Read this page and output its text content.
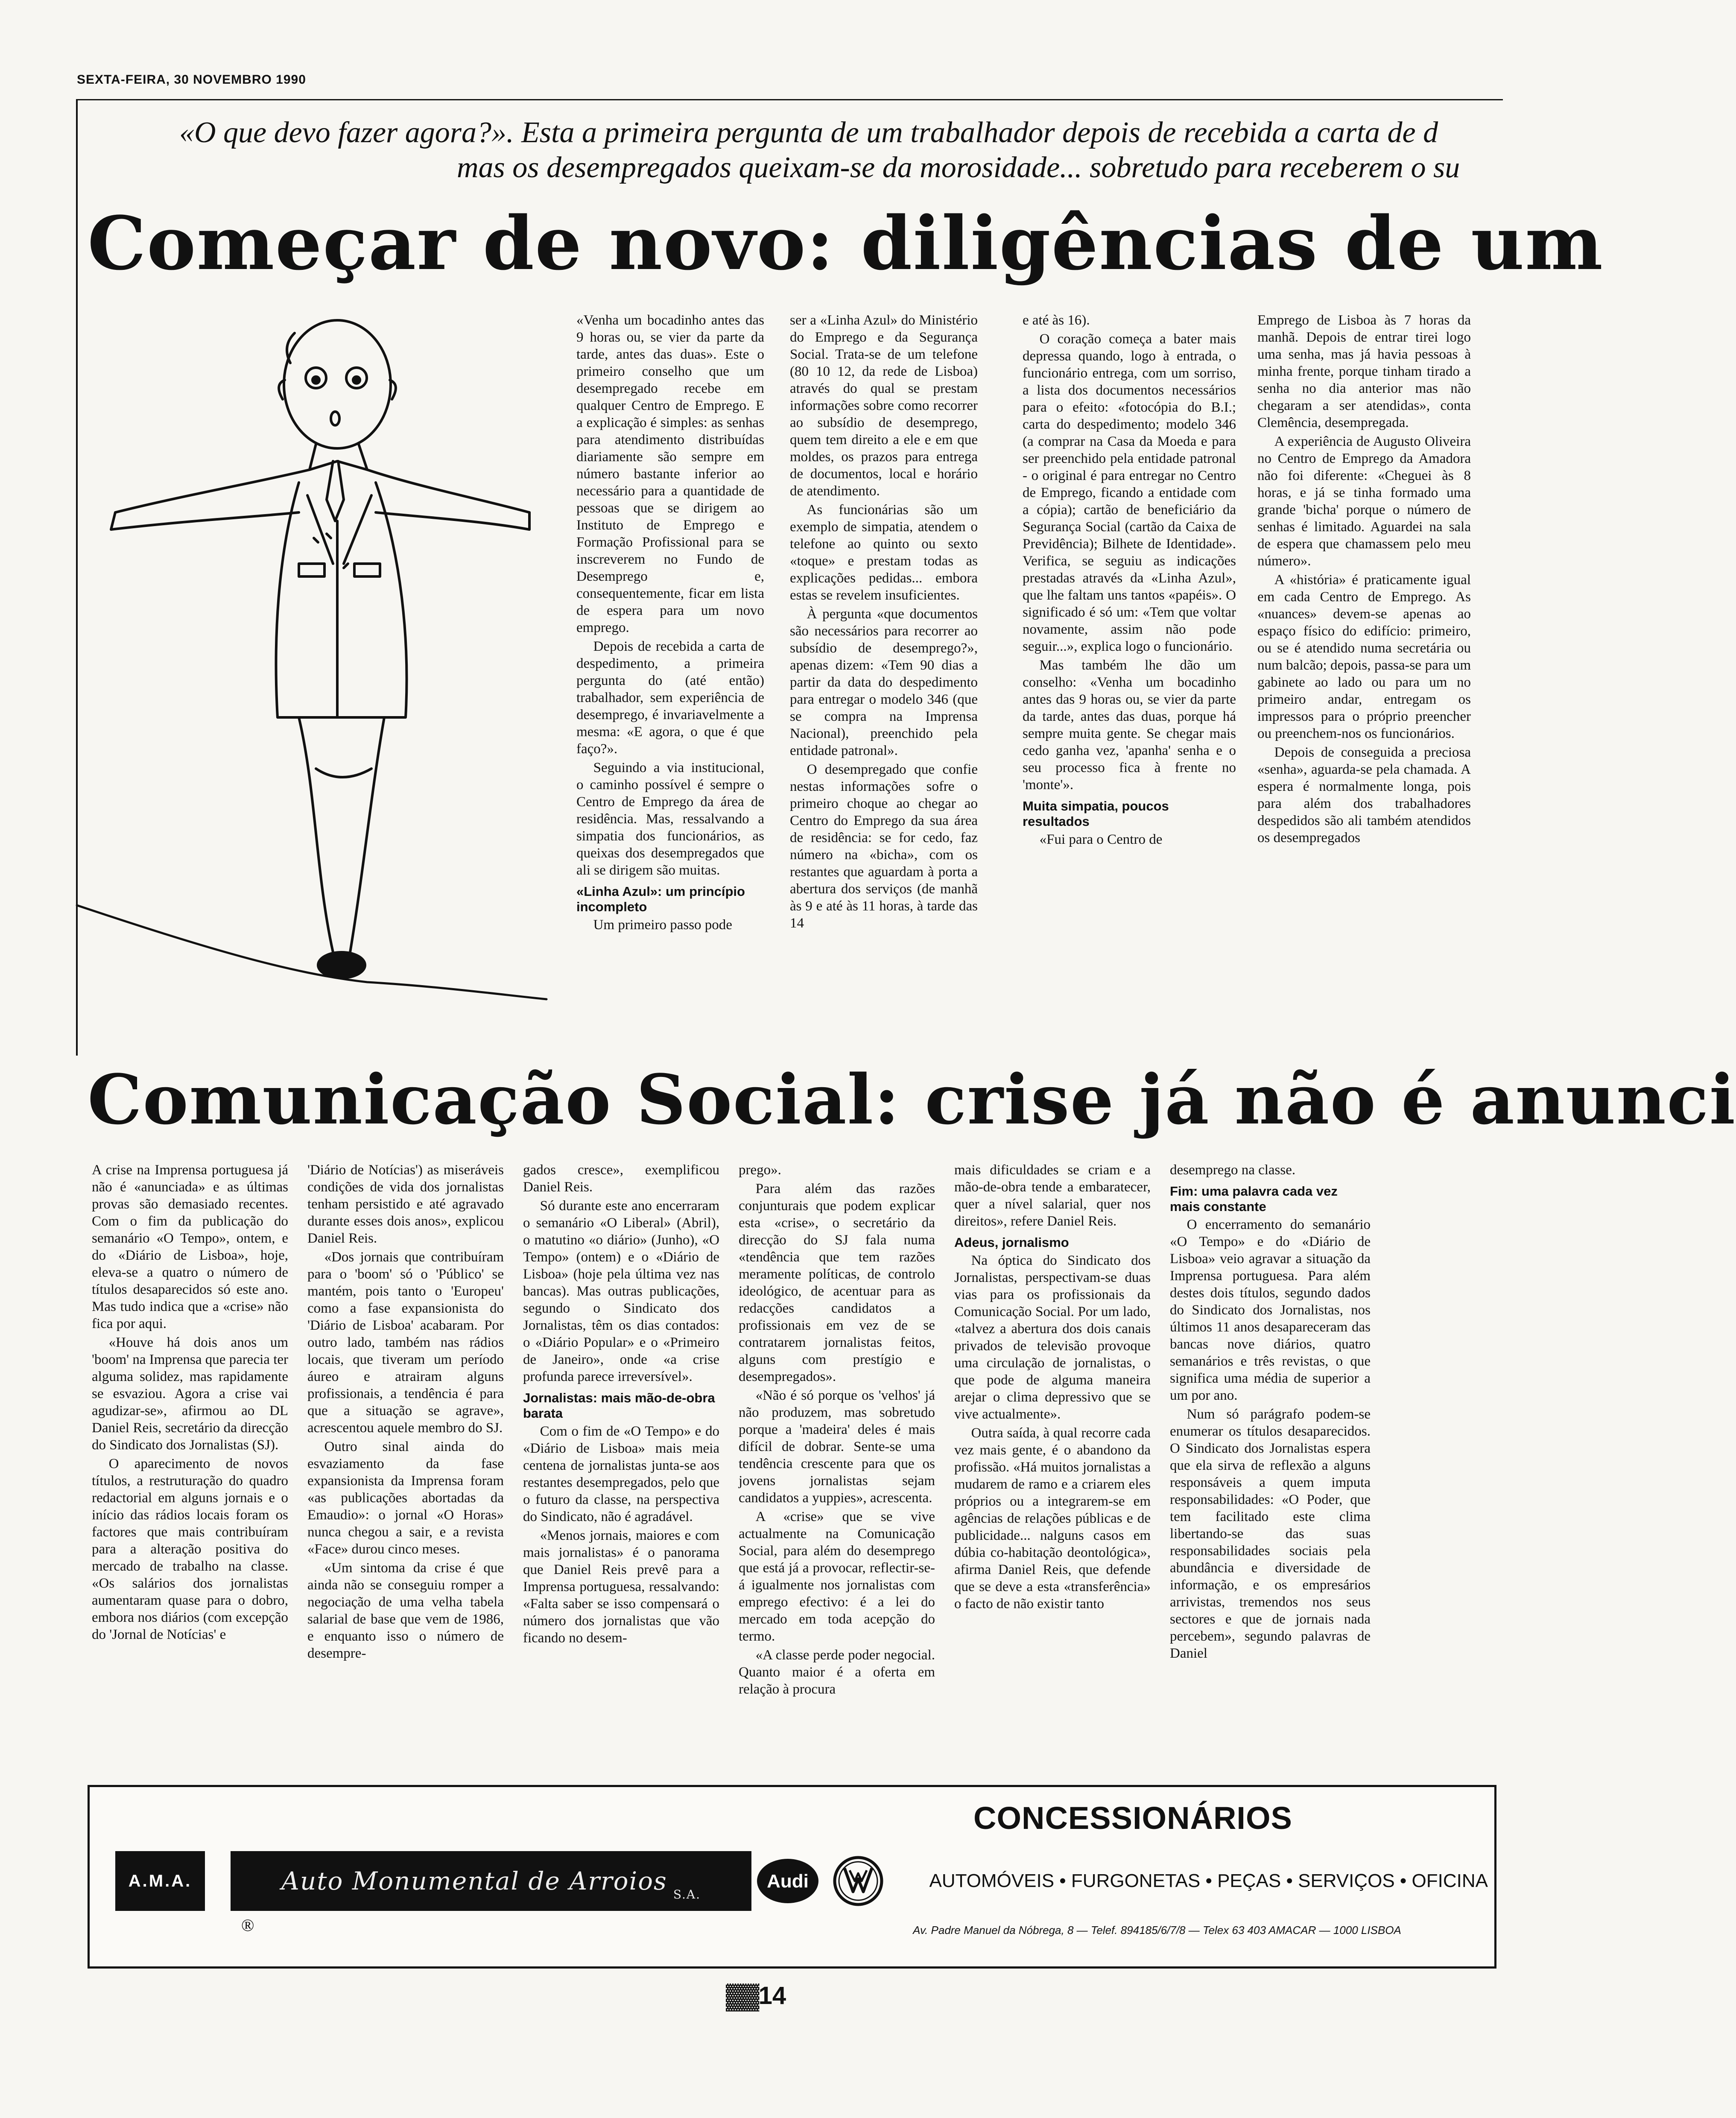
SEXTA-FEIRA, 30 NOVEMBRO 1990
«O que devo fazer agora?». Esta a primeira pergunta de um trabalhador depois de recebida a carta de d
mas os desempregados queixam-se da morosidade... sobretudo para receberem o su
Começar de novo: diligências de um

«Venha um bocadinho antes das 9 horas ou, se vier da parte da tarde, antes das duas». Este o primeiro conselho que um desempregado recebe em qualquer Centro de Emprego. E a explicação é simples: as senhas para atendimento distribuídas diariamente são sempre em número bastante inferior ao necessário para a quantidade de pessoas que se dirigem ao Instituto de Emprego e Formação Profissional para se inscreverem no Fundo de Desemprego e, consequentemente, ficar em lista de espera para um novo emprego.

Depois de recebida a carta de despedimento, a primeira pergunta do (até então) trabalhador, sem experiência de desemprego, é invariavelmente a mesma: «E agora, o que é que faço?».

Seguindo a via institucional, o caminho possível é sempre o Centro de Emprego da área de residência. Mas, ressalvando a simpatia dos funcionários, as queixas dos desempregados que ali se dirigem são muitas.

«Linha Azul»: um princípio incompleto

Um primeiro passo pode

ser a «Linha Azul» do Ministério do Emprego e da Segurança Social. Trata-se de um telefone (80 10 12, da rede de Lisboa) através do qual se prestam informações sobre como recorrer ao subsídio de desemprego, quem tem direito a ele e em que moldes, os prazos para entrega de documentos, local e horário de atendimento.

As funcionárias são um exemplo de simpatia, atendem o telefone ao quinto ou sexto «toque» e prestam todas as explicações pedidas... embora estas se revelem insuficientes.

À pergunta «que documentos são necessários para recorrer ao subsídio de desemprego?», apenas dizem: «Tem 90 dias a partir da data do despedimento para entregar o modelo 346 (que se compra na Imprensa Nacional), preenchido pela entidade patronal».

O desempregado que confie nestas informações sofre o primeiro choque ao chegar ao Centro do Emprego da sua área de residência: se for cedo, faz número na «bicha», com os restantes que aguardam à porta a abertura dos serviços (de manhã às 9 e até às 11 horas, à tarde das 14

e até às 16).

O coração começa a bater mais depressa quando, logo à entrada, o funcionário entrega, com um sorriso, a lista dos documentos necessários para o efeito: «fotocópia do B.I.; carta do despedimento; modelo 346 (a comprar na Casa da Moeda e para ser preenchido pela entidade patronal - o original é para entregar no Centro de Emprego, ficando a entidade com a cópia); cartão de beneficiário da Segurança Social (cartão da Caixa de Previdência); Bilhete de Identidade». Verifica, se seguiu as indicações prestadas através da «Linha Azul», que lhe faltam uns tantos «papéis». O significado é só um: «Tem que voltar novamente, assim não pode seguir...», explica logo o funcionário.

Mas também lhe dão um conselho: «Venha um bocadinho antes das 9 horas ou, se vier da parte da tarde, antes das duas, porque há sempre muita gente. Se chegar mais cedo ganha vez, 'apanha' senha e o seu processo fica à frente no 'monte'».

Muita simpatia, poucos resultados

«Fui para o Centro de

Emprego de Lisboa às 7 horas da manhã. Depois de entrar tirei logo uma senha, mas já havia pessoas à minha frente, porque tinham tirado a senha no dia anterior mas não chegaram a ser atendidas», conta Clemência, desempregada.

A experiência de Augusto Oliveira no Centro de Emprego da Amadora não foi diferente: «Cheguei às 8 horas, e já se tinha formado uma grande 'bicha' porque o número de senhas é limitado. Aguardei na sala de espera que chamassem pelo meu número».

A «história» é praticamente igual em cada Centro de Emprego. As «nuances» devem-se apenas ao espaço físico do edifício: primeiro, ou se é atendido numa secretária ou num balcão; depois, passa-se para um gabinete ao lado ou para um no primeiro andar, entregam os impressos para o próprio preencher ou preenchem-nos os funcionários.

Depois de conseguida a preciosa «senha», aguarda-se pela chamada. A espera é normalmente longa, pois para além dos trabalhadores despedidos são ali também atendidos os desempregados

Comunicação Social: crise já não é anunci

A crise na Imprensa portuguesa já não é «anunciada» e as últimas provas são demasiado recentes. Com o fim da publicação do semanário «O Tempo», ontem, e do «Diário de Lisboa», hoje, eleva-se a quatro o número de títulos desaparecidos só este ano. Mas tudo indica que a «crise» não fica por aqui.

«Houve há dois anos um 'boom' na Imprensa que parecia ter alguma solidez, mas rapidamente se esvaziou. Agora a crise vai agudizar-se», afirmou ao DL Daniel Reis, secretário da direcção do Sindicato dos Jornalistas (SJ).

O aparecimento de novos títulos, a restruturação do quadro redactorial em alguns jornais e o início das rádios locais foram os factores que mais contribuíram para a alteração positiva do mercado de trabalho na classe. «Os salários dos jornalistas aumentaram quase para o dobro, embora nos diários (com excepção do 'Jornal de Notícias' e

'Diário de Notícias') as miseráveis condições de vida dos jornalistas tenham persistido e até agravado durante esses dois anos», explicou Daniel Reis.

«Dos jornais que contribuíram para o 'boom' só o 'Público' se mantém, pois tanto o 'Europeu' como a fase expansionista do 'Diário de Lisboa' acabaram. Por outro lado, também nas rádios locais, que tiveram um período áureo e atrairam alguns profissionais, a tendência é para que a situação se agrave», acrescentou aquele membro do SJ.

Outro sinal ainda do esvaziamento da fase expansionista da Imprensa foram «as publicações abortadas da Emaudio»: o jornal «O Horas» nunca chegou a sair, e a revista «Face» durou cinco meses.

«Um sintoma da crise é que ainda não se conseguiu romper a negociação de uma velha tabela salarial de base que vem de 1986, e enquanto isso o número de desempre-

gados cresce», exemplificou Daniel Reis.

Só durante este ano encerraram o semanário «O Liberal» (Abril), o matutino «o diário» (Junho), «O Tempo» (ontem) e o «Diário de Lisboa» (hoje pela última vez nas bancas). Mas outras publicações, segundo o Sindicato dos Jornalistas, têm os dias contados: o «Diário Popular» e o «Primeiro de Janeiro», onde «a crise profunda parece irreversível».

Jornalistas: mais mão-de-obra barata

Com o fim de «O Tempo» e do «Diário de Lisboa» mais meia centena de jornalistas junta-se aos restantes desempregados, pelo que o futuro da classe, na perspectiva do Sindicato, não é agradável.

«Menos jornais, maiores e com mais jornalistas» é o panorama que Daniel Reis prevê para a Imprensa portuguesa, ressalvando: «Falta saber se isso compensará o número dos jornalistas que vão ficando no desem-

prego».

Para além das razões conjunturais que podem explicar esta «crise», o secretário da direcção do SJ fala numa «tendência que tem razões meramente políticas, de controlo ideológico, de acentuar para as redacções candidatos a profissionais em vez de se contratarem jornalistas feitos, alguns com prestígio e desempregados».

«Não é só porque os 'velhos' já não produzem, mas sobretudo porque a 'madeira' deles é mais difícil de dobrar. Sente-se uma tendência crescente para que os jovens jornalistas sejam candidatos a yuppies», acrescenta.

A «crise» que se vive actualmente na Comunicação Social, para além do desemprego que está já a provocar, reflectir-se-á igualmente nos jornalistas com emprego efectivo: é a lei do mercado em toda acepção do termo.

«A classe perde poder negocial. Quanto maior é a oferta em relação à procura

mais dificuldades se criam e a mão-de-obra tende a embaratecer, quer a nível salarial, quer nos direitos», refere Daniel Reis.

Adeus, jornalismo

Na óptica do Sindicato dos Jornalistas, perspectivam-se duas vias para os profissionais da Comunicação Social. Por um lado, «talvez a abertura dos dois canais privados de televisão provoque uma circulação de jornalistas, o que pode de alguma maneira arejar o clima depressivo que se vive actualmente».

Outra saída, à qual recorre cada vez mais gente, é o abandono da profissão. «Há muitos jornalistas a mudarem de ramo e a criarem eles próprios ou a integrarem-se em agências de relações públicas e de publicidade... nalguns casos em dúbia co-habitação deontológica», afirma Daniel Reis, que defende que se deve a esta «transferência» o facto de não existir tanto

desemprego na classe.

Fim: uma palavra cada vez mais constante

O encerramento do semanário «O Tempo» e do «Diário de Lisboa» veio agravar a situação da Imprensa portuguesa. Para além destes dois títulos, segundo dados do Sindicato dos Jornalistas, nos últimos 11 anos desapareceram das bancas nove diários, quatro semanários e três revistas, o que significa uma média de superior a um por ano.

Num só parágrafo podem-se enumerar os títulos desaparecidos. O Sindicato dos Jornalistas espera que ela sirva de reflexão a alguns responsáveis a quem imputa responsabilidades: «O Poder, que tem facilitado este clima libertando-se das suas responsabilidades sociais pela abundância e diversidade de informação, e os empresários arrivistas, tremendos nos seus sectores e que de jornais nada percebem», segundo palavras de Daniel

A.M.A.	Auto Monumental de Arroios S.A.
®
Audi
CONCESSIONÁRIOS
AUTOMÓVEIS • FURGONETAS • PEÇAS • SERVIÇOS • OFICINA
Av. Padre Manuel da Nóbrega, 8 — Telef. 894185/6/7/8 — Telex 63 403 AMACAR — 1000 LISBOA
▓▓ 14
